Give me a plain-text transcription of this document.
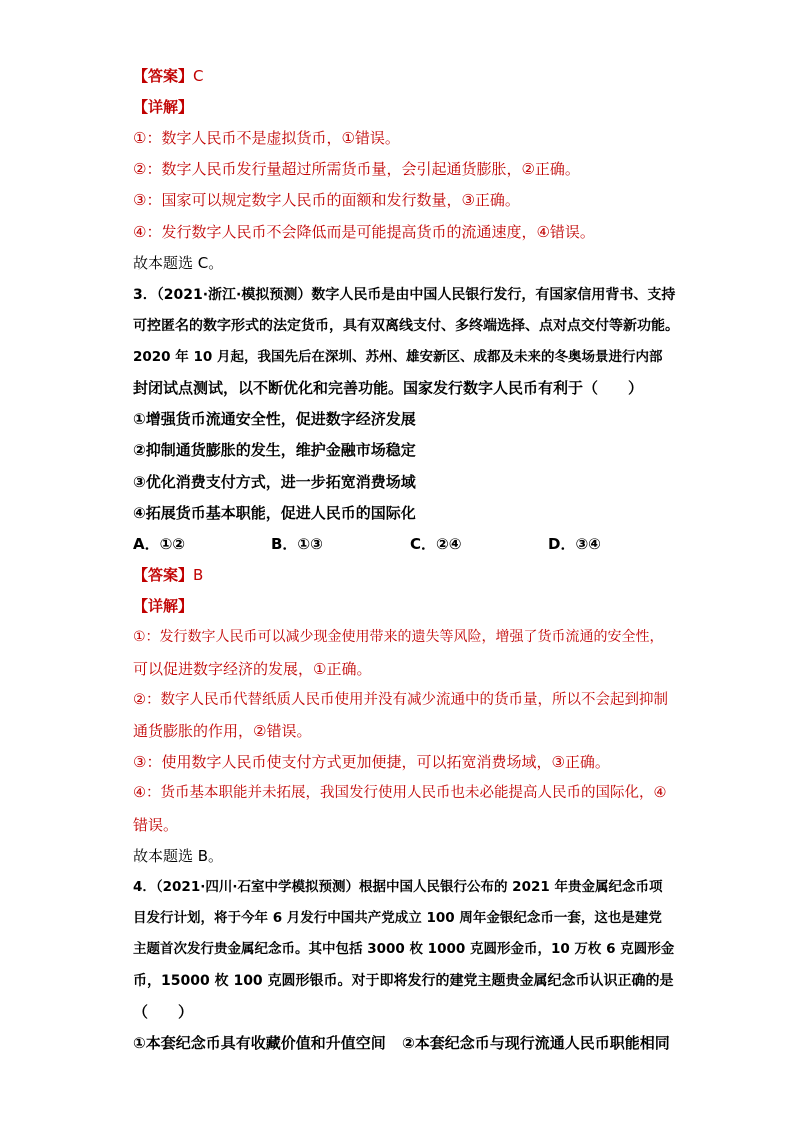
【答案】C
【详解】
①：数字人民币不是虚拟货币，①错误。
②：数字人民币发行量超过所需货币量，会引起通货膨胀，②正确。
③：国家可以规定数字人民币的面额和发行数量，③正确。
④：发行数字人民币不会降低而是可能提高货币的流通速度，④错误。
故本题选 C。
3．（2021·浙江·模拟预测）数字人民币是由中国人民银行发行，有国家信用背书、支持
可控匿名的数字形式的法定货币，具有双离线支付、多终端选择、点对点交付等新功能。
2020 年 10 月起，我国先后在深圳、苏州、雄安新区、成都及未来的冬奥场景进行内部
封闭试点测试，以不断优化和完善功能。国家发行数字人民币有利于（　　）
①增强货币流通安全性，促进数字经济发展
②抑制通货膨胀的发生，维护金融市场稳定
③优化消费支付方式，进一步拓宽消费场域
④拓展货币基本职能，促进人民币的国际化
A．①②	B．①③	C．②④	D．③④
【答案】B
【详解】
①：发行数字人民币可以减少现金使用带来的遗失等风险，增强了货币流通的安全性，
可以促进数字经济的发展，①正确。
②：数字人民币代替纸质人民币使用并没有减少流通中的货币量，所以不会起到抑制
通货膨胀的作用，②错误。
③：使用数字人民币使支付方式更加便捷，可以拓宽消费场域，③正确。
④：货币基本职能并未拓展，我国发行使用人民币也未必能提高人民币的国际化，④
错误。
故本题选 B。
4．（2021·四川·石室中学模拟预测）根据中国人民银行公布的 2021 年贵金属纪念币项
目发行计划，将于今年 6 月发行中国共产党成立 100 周年金银纪念币一套，这也是建党
主题首次发行贵金属纪念币。其中包括 3000 枚 1000 克圆形金币，10 万枚 6 克圆形金
币，15000 枚 100 克圆形银币。对于即将发行的建党主题贵金属纪念币认识正确的是
（　　）
①本套纪念币具有收藏价值和升值空间 ②本套纪念币与现行流通人民币职能相同
